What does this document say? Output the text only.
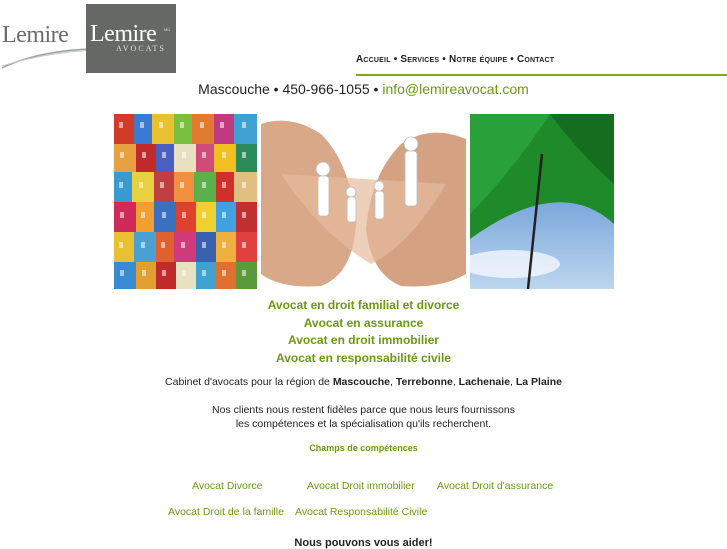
Lemire Lemire MD
AVOCATS
Accueil • Services • Notre équipe • Contact
Mascouche • 450-966-1055 • info@lemireavocat.com
Avocat en droit familial et divorce
Avocat en assurance
Avocat en droit immobilier
Avocat en responsabilité civile
Cabinet d'avocats pour la région de Mascouche, Terrebonne, Lachenaie, La Plaine
Nos clients nous restent fidèles parce que nous leurs fournissons
les compétences et la spécialisation qu'ils recherchent.
Champs de compétences
Avocat Divorce	Avocat Droit immobilier Avocat Droit d'assurance
Avocat Droit de la famille Avocat Responsabilité Civile
Nous pouvons vous aider!
